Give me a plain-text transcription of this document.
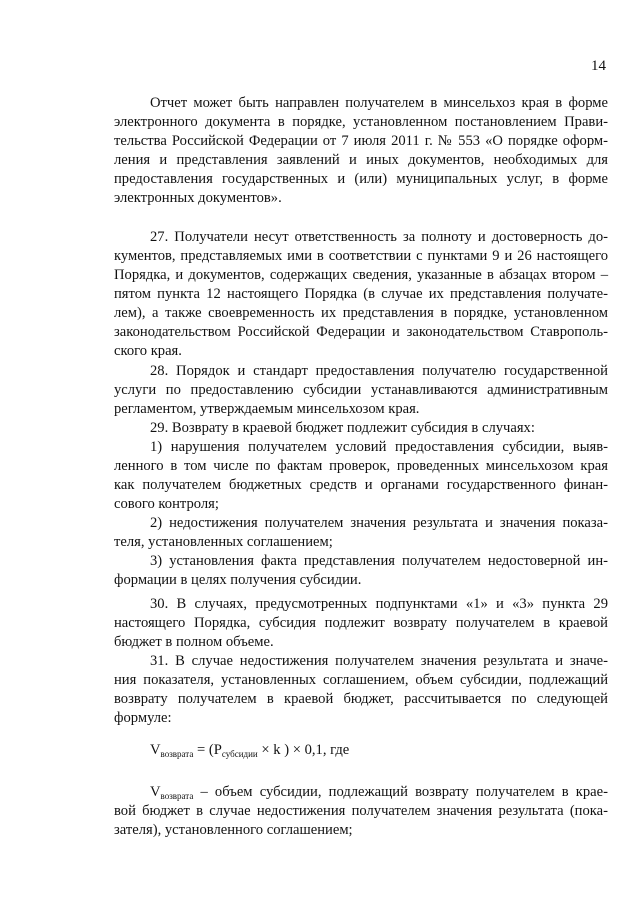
14
Отчет может быть направлен получателем в минсельхоз края в форме
электронного документа в порядке, установленном постановлением Прави-
тельства Российской Федерации от 7 июля 2011 г. № 553 «О порядке оформ-
ления и представления заявлений и иных документов, необходимых для
предоставления государственных и (или) муниципальных услуг, в форме
электронных документов».
27. Получатели несут ответственность за полноту и достоверность до-
кументов, представляемых ими в соответствии с пунктами 9 и 26 настоящего
Порядка, и документов, содержащих сведения, указанные в абзацах втором –
пятом пункта 12 настоящего Порядка (в случае их представления получате-
лем), а также своевременность их представления в порядке, установленном
законодательством Российской Федерации и законодательством Ставрополь-
ского края.
28. Порядок и стандарт предоставления получателю государственной
услуги по предоставлению субсидии устанавливаются административным
регламентом, утверждаемым минсельхозом края.
29. Возврату в краевой бюджет подлежит субсидия в случаях:
1) нарушения получателем условий предоставления субсидии, выяв-
ленного в том числе по фактам проверок, проведенных минсельхозом края
как получателем бюджетных средств и органами государственного финан-
сового контроля;
2) недостижения получателем значения результата и значения показа-
теля, установленных соглашением;
3) установления факта представления получателем недостоверной ин-
формации в целях получения субсидии.
30. В случаях, предусмотренных подпунктами «1» и «3» пункта 29
настоящего Порядка, субсидия подлежит возврату получателем в краевой
бюджет в полном объеме.
31. В случае недостижения получателем значения результата и значе-
ния показателя, установленных соглашением, объем субсидии, подлежащий
возврату получателем в краевой бюджет, рассчитывается по следующей
формуле:
$V_{возврата} = (P_{субсидии} \times k$ ) × 0,1, где
$V_{возврата}$ – объем субсидии, подлежащий возврату получателем в крае-
вой бюджет в случае недостижения получателем значения результата (пока-
зателя), установленного соглашением;
